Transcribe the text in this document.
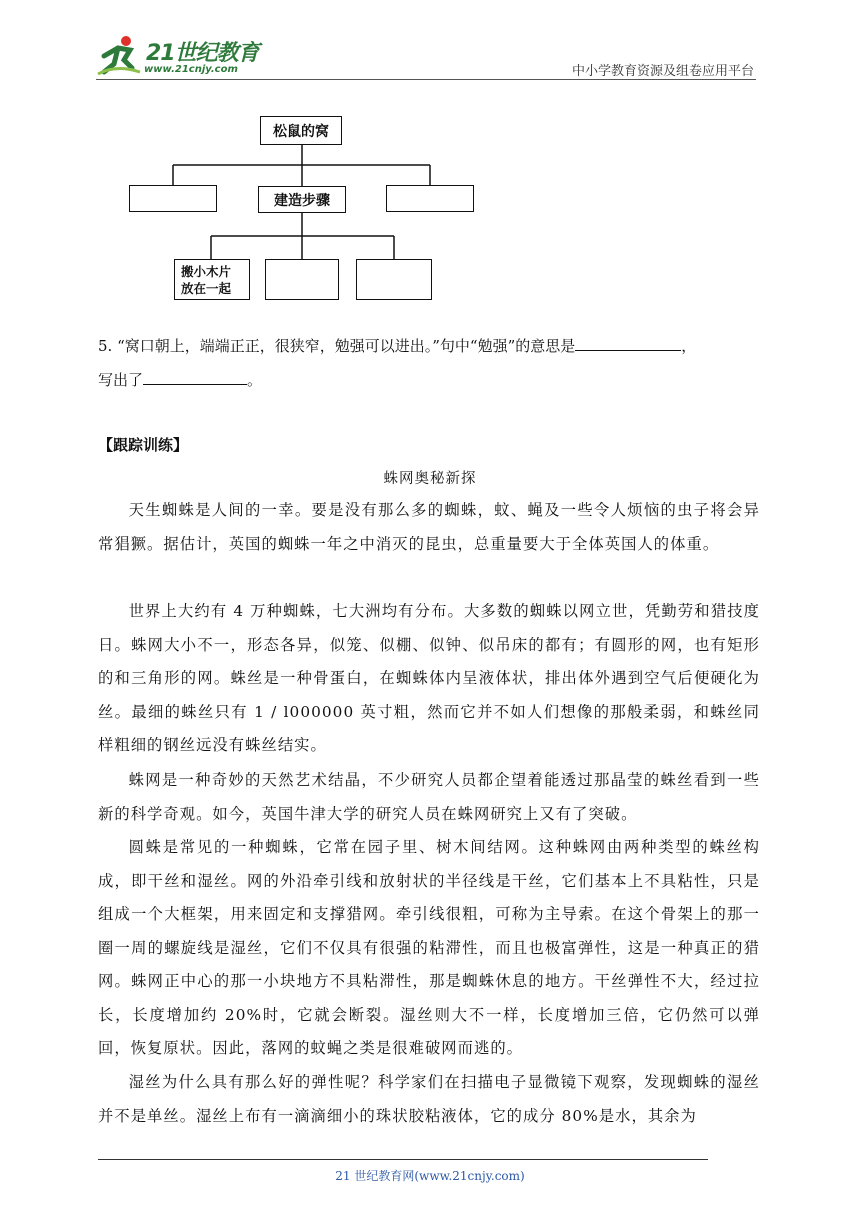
21世纪教育
www.21cnjy.com	中小学教育资源及组卷应用平台
松鼠的窝
建造步骤
搬小木片
放在一起
5. “窝口朝上，端端正正，很狭窄，勉强可以进出。”句中“勉强”的意思是	，
写出了	。
【跟踪训练】
蛛网奥秘新探
天生蜘蛛是人间的一幸。要是没有那么多的蜘蛛，蚊、蝇及一些令人烦恼的虫子将会异常猖獗。据估计，英国的蜘蛛一年之中消灭的昆虫，总重量要大于全体英国人的体重。
世界上大约有 4 万种蜘蛛，七大洲均有分布。大多数的蜘蛛以网立世，凭勤劳和猎技度日。蛛网大小不一，形态各异，似笼、似棚、似钟、似吊床的都有；有圆形的网，也有矩形的和三角形的网。蛛丝是一种骨蛋白，在蜘蛛体内呈液体状，排出体外遇到空气后便硬化为丝。最细的蛛丝只有 1 / l000000 英寸粗，然而它并不如人们想像的那般柔弱，和蛛丝同样粗细的钢丝远没有蛛丝结实。
蛛网是一种奇妙的天然艺术结晶，不少研究人员都企望着能透过那晶莹的蛛丝看到一些新的科学奇观。如今，英国牛津大学的研究人员在蛛网研究上又有了突破。
圆蛛是常见的一种蜘蛛，它常在园子里、树木间结网。这种蛛网由两种类型的蛛丝构成，即干丝和湿丝。网的外沿牵引线和放射状的半径线是干丝，它们基本上不具粘性，只是组成一个大框架，用来固定和支撑猎网。牵引线很粗，可称为主导索。在这个骨架上的那一圈一周的螺旋线是湿丝，它们不仅具有很强的粘滞性，而且也极富弹性，这是一种真正的猎网。蛛网正中心的那一小块地方不具粘滞性，那是蜘蛛休息的地方。干丝弹性不大，经过拉长，长度增加约 20%时，它就会断裂。湿丝则大不一样，长度增加三倍，它仍然可以弹回，恢复原状。因此，落网的蚊蝇之类是很难破网而逃的。
湿丝为什么具有那么好的弹性呢？科学家们在扫描电子显微镜下观察，发现蜘蛛的湿丝并不是单丝。湿丝上布有一滴滴细小的珠状胶粘液体，它的成分 80%是水，其余为
21 世纪教育网(www.21cnjy.com)
